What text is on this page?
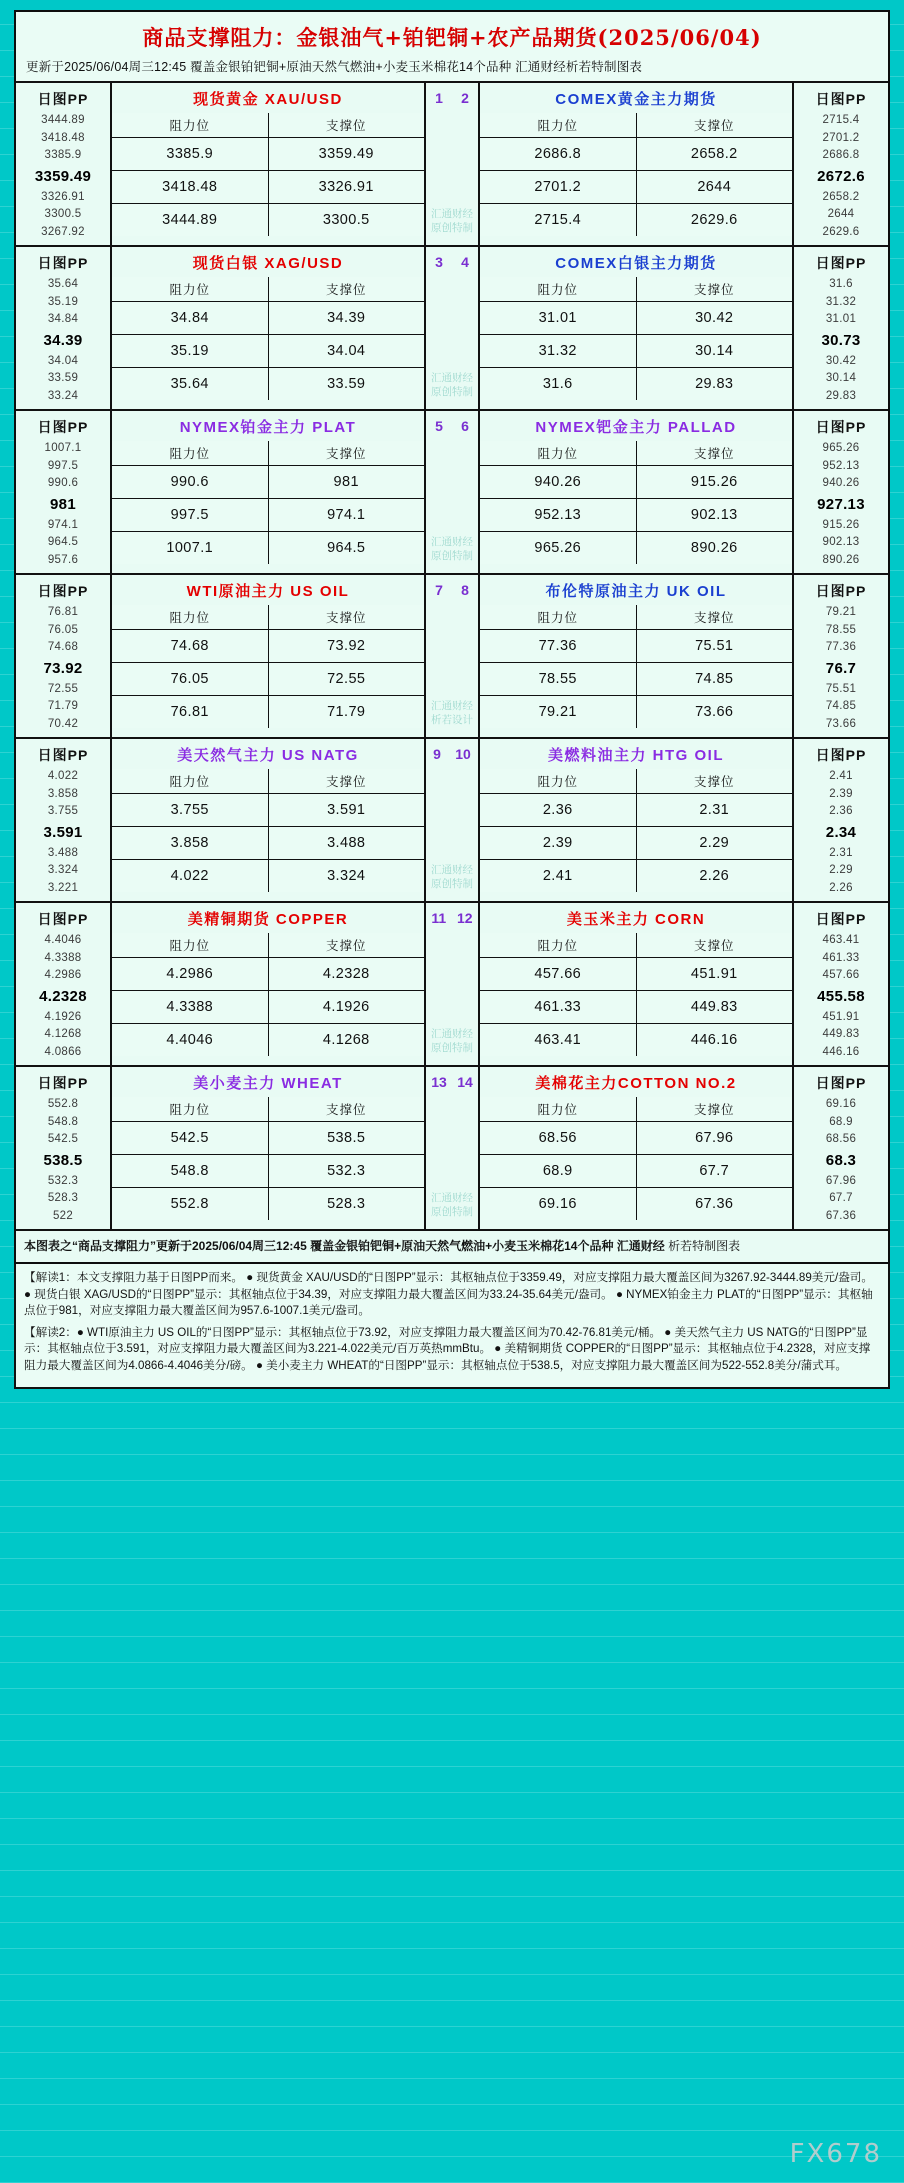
商品支撑阻力：金银油气+铂钯铜+农产品期货(2025/06/04)
更新于2025/06/04周三12:45 覆盖金银铂钯铜+原油天然气燃油+小麦玉米棉花14个品种 汇通财经析若特制图表
日图PP
3444.89
3418.48
3385.9
3359.49
3326.91
3300.5
3267.92
现货黄金 XAU/USD
阻力位	支撑位
3385.9	3359.49
3418.48	3326.91
3444.89	3300.5
1 2
汇通财经
原创特制
COMEX黄金主力期货
阻力位	支撑位
2686.8	2658.2
2701.2	2644
2715.4	2629.6
日图PP
2715.4
2701.2
2686.8
2672.6
2658.2
2644
2629.6
日图PP
35.64
35.19
34.84
34.39
34.04
33.59
33.24
现货白银 XAG/USD
阻力位	支撑位
34.84	34.39
35.19	34.04
35.64	33.59
3 4
汇通财经
原创特制
COMEX白银主力期货
阻力位	支撑位
31.01	30.42
31.32	30.14
31.6	29.83
日图PP
31.6
31.32
31.01
30.73
30.42
30.14
29.83
日图PP
1007.1
997.5
990.6
981
974.1
964.5
957.6
NYMEX铂金主力 PLAT
阻力位	支撑位
990.6	981
997.5	974.1
1007.1	964.5
5 6
汇通财经
原创特制
NYMEX钯金主力 PALLAD
阻力位	支撑位
940.26	915.26
952.13	902.13
965.26	890.26
日图PP
965.26
952.13
940.26
927.13
915.26
902.13
890.26
日图PP
76.81
76.05
74.68
73.92
72.55
71.79
70.42
WTI原油主力 US OIL
阻力位	支撑位
74.68	73.92
76.05	72.55
76.81	71.79
7 8
汇通财经
析若设计
布伦特原油主力 UK OIL
阻力位	支撑位
77.36	75.51
78.55	74.85
79.21	73.66
日图PP
79.21
78.55
77.36
76.7
75.51
74.85
73.66
日图PP
4.022
3.858
3.755
3.591
3.488
3.324
3.221
美天然气主力 US NATG
阻力位	支撑位
3.755	3.591
3.858	3.488
4.022	3.324
9 10
汇通财经
原创特制
美燃料油主力 HTG OIL
阻力位	支撑位
2.36	2.31
2.39	2.29
2.41	2.26
日图PP
2.41
2.39
2.36
2.34
2.31
2.29
2.26
日图PP
4.4046
4.3388
4.2986
4.2328
4.1926
4.1268
4.0866
美精铜期货 COPPER
阻力位	支撑位
4.2986	4.2328
4.3388	4.1926
4.4046	4.1268
11 12
汇通财经
原创特制
美玉米主力 CORN
阻力位	支撑位
457.66	451.91
461.33	449.83
463.41	446.16
日图PP
463.41
461.33
457.66
455.58
451.91
449.83
446.16
日图PP
552.8
548.8
542.5
538.5
532.3
528.3
522
美小麦主力 WHEAT
阻力位	支撑位
542.5	538.5
548.8	532.3
552.8	528.3
13 14
汇通财经
原创特制
美棉花主力COTTON NO.2
阻力位	支撑位
68.56	67.96
68.9	67.7
69.16	67.36
日图PP
69.16
68.9
68.56
68.3
67.96
67.7
67.36
本图表之“商品支撑阻力”更新于2025/06/04周三12:45 覆盖金银铂钯铜+原油天然气燃油+小麦玉米棉花14个品种 汇通财经 析若特制图表

【解读1：本文支撑阻力基于日图PP而来。 ● 现货黄金 XAU/USD的“日图PP”显示：其枢轴点位于3359.49，对应支撑阻力最大覆盖区间为3267.92-3444.89美元/盎司。 ● 现货白银 XAG/USD的“日图PP”显示：其枢轴点位于34.39，对应支撑阻力最大覆盖区间为33.24-35.64美元/盎司。 ● NYMEX铂金主力 PLAT的“日图PP”显示：其枢轴点位于981，对应支撑阻力最大覆盖区间为957.6-1007.1美元/盎司。

【解读2：● WTI原油主力 US OIL的“日图PP”显示：其枢轴点位于73.92，对应支撑阻力最大覆盖区间为70.42-76.81美元/桶。 ● 美天然气主力 US NATG的“日图PP”显示：其枢轴点位于3.591，对应支撑阻力最大覆盖区间为3.221-4.022美元/百万英热mmBtu。 ● 美精铜期货 COPPER的“日图PP”显示：其枢轴点位于4.2328，对应支撑阻力最大覆盖区间为4.0866-4.4046美分/磅。 ● 美小麦主力 WHEAT的“日图PP”显示：其枢轴点位于538.5，对应支撑阻力最大覆盖区间为522-552.8美分/蒲式耳。

FX678
